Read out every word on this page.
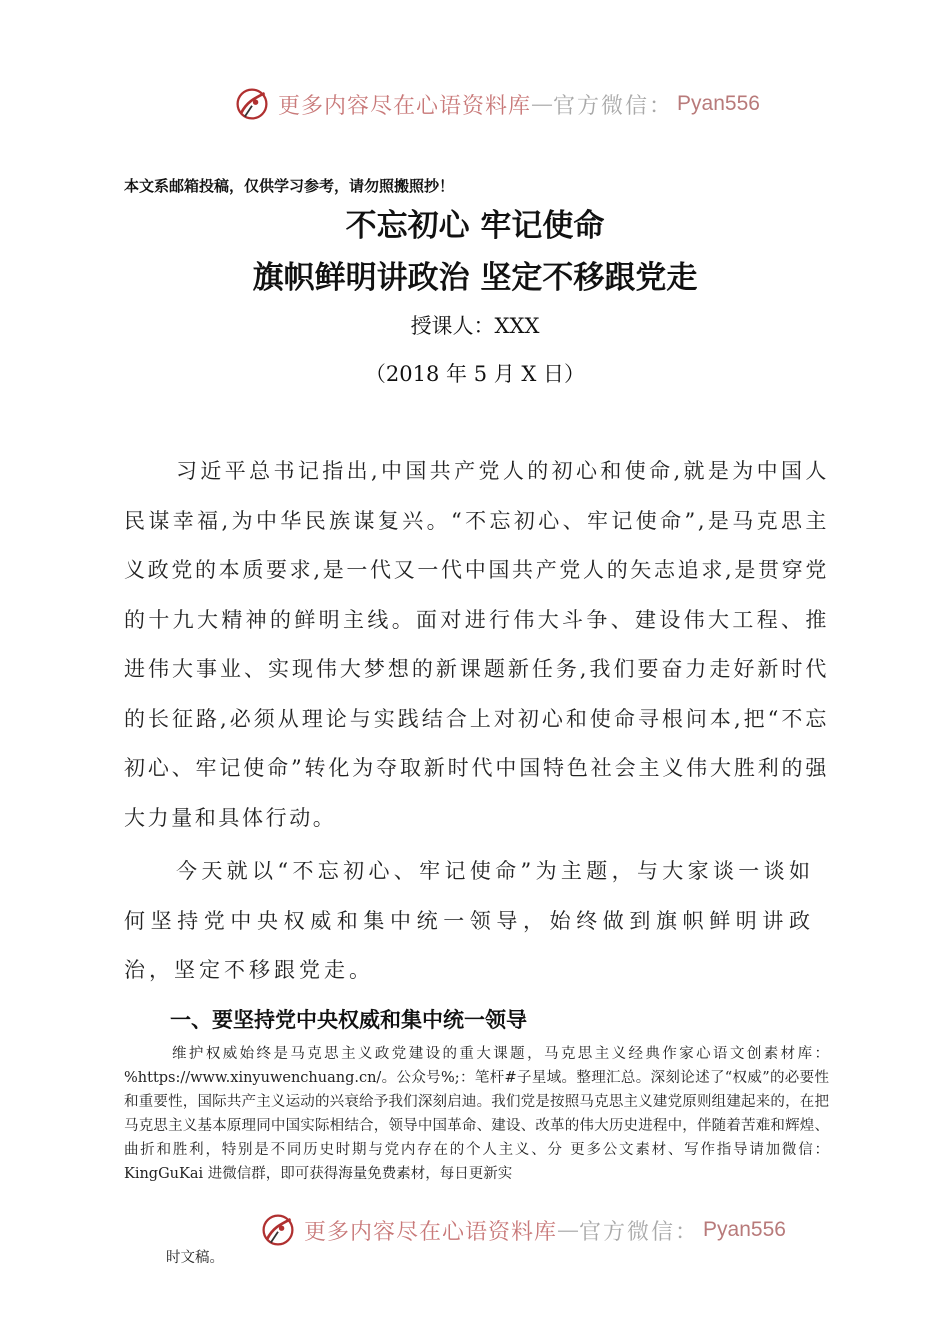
更多内容尽在心语资料库 — 官方微信： Pyan556
本文系邮箱投稿，仅供学习参考，请勿照搬照抄！
不忘初心 牢记使命
旗帜鲜明讲政治 坚定不移跟党走
授课人：XXX
（2018 年 5 月 X 日）
习近平总书记指出,中国共产党人的初心和使命,就是为中国人民谋幸福,为中华民族谋复兴。“不忘初心、牢记使命”,是马克思主义政党的本质要求,是一代又一代中国共产党人的矢志追求,是贯穿党的十九大精神的鲜明主线。面对进行伟大斗争、建设伟大工程、推进伟大事业、实现伟大梦想的新课题新任务,我们要奋力走好新时代的长征路,必须从理论与实践结合上对初心和使命寻根问本,把“不忘初心、牢记使命”转化为夺取新时代中国特色社会主义伟大胜利的强大力量和具体行动。
今天就以“不忘初心、牢记使命”为主题，与大家谈一谈如何坚持党中央权威和集中统一领导，始终做到旗帜鲜明讲政治，坚定不移跟党走。
一、要坚持党中央权威和集中统一领导
维护权威始终是马克思主义政党建设的重大课题，马克思主义经典作家心语文创素材库：%https://www.xinyuwenchuang.cn/。公众号%;：笔杆#子星域。整理汇总。深刻论述了“权威”的必要性和重要性，国际共产主义运动的兴衰给予我们深刻启迪。我们党是按照马克思主义建党原则组建起来的，在把马克思主义基本原理同中国实际相结合，领导中国革命、建设、改革的伟大历史进程中，伴随着苦难和辉煌、曲折和胜利，特别是不同历史时期与党内存在的个人主义、分 更多公文素材、写作指导请加微信：KingGuKai 进微信群，即可获得海量免费素材，每日更新实
更多内容尽在心语资料库 — 官方微信： Pyan556
时文稿。
